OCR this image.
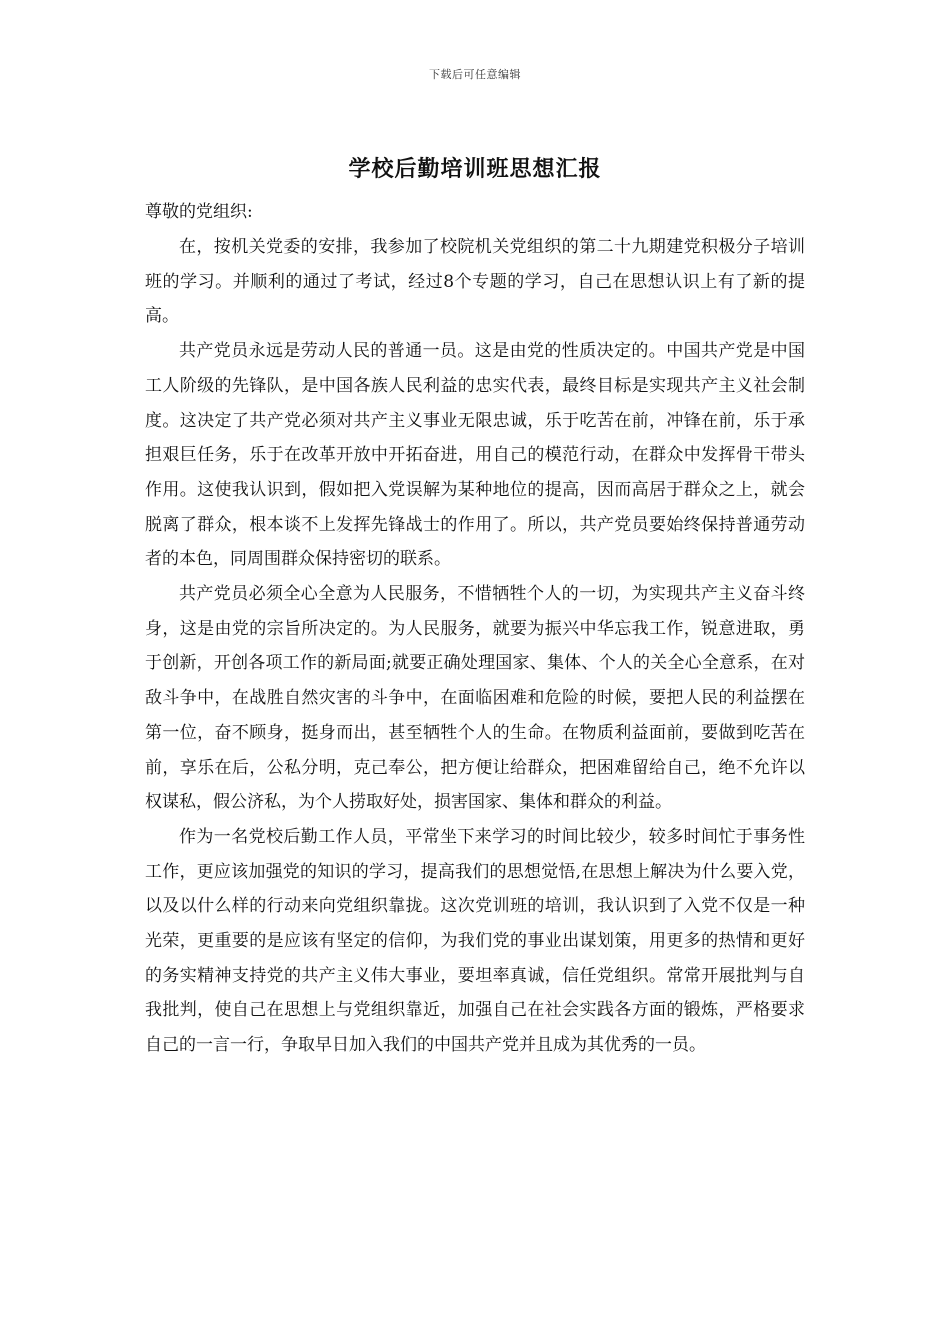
下载后可任意编辑
学校后勤培训班思想汇报

尊敬的党组织:

在，按机关党委的安排，我参加了校院机关党组织的第二十九期建党积极分子培训班的学习。并顺利的通过了考试，经过8个专题的学习，自己在思想认识上有了新的提高。

共产党员永远是劳动人民的普通一员。这是由党的性质决定的。中国共产党是中国工人阶级的先锋队，是中国各族人民利益的忠实代表，最终目标是实现共产主义社会制度。这决定了共产党必须对共产主义事业无限忠诚，乐于吃苦在前，冲锋在前，乐于承担艰巨任务，乐于在改革开放中开拓奋进，用自己的模范行动，在群众中发挥骨干带头作用。这使我认识到，假如把入党误解为某种地位的提高，因而高居于群众之上，就会脱离了群众，根本谈不上发挥先锋战士的作用了。所以，共产党员要始终保持普通劳动者的本色，同周围群众保持密切的联系。

共产党员必须全心全意为人民服务，不惜牺牲个人的一切，为实现共产主义奋斗终身，这是由党的宗旨所决定的。为人民服务，就要为振兴中华忘我工作，锐意进取，勇于创新，开创各项工作的新局面;就要正确处理国家、集体、个人的关全心全意系，在对敌斗争中，在战胜自然灾害的斗争中，在面临困难和危险的时候，要把人民的利益摆在第一位，奋不顾身，挺身而出，甚至牺牲个人的生命。在物质利益面前，要做到吃苦在前，享乐在后，公私分明，克己奉公，把方便让给群众，把困难留给自己，绝不允许以权谋私，假公济私，为个人捞取好处，损害国家、集体和群众的利益。

作为一名党校后勤工作人员，平常坐下来学习的时间比较少，较多时间忙于事务性工作，更应该加强党的知识的学习，提高我们的思想觉悟,在思想上解决为什么要入党，以及以什么样的行动来向党组织靠拢。这次党训班的培训，我认识到了入党不仅是一种光荣，更重要的是应该有坚定的信仰，为我们党的事业出谋划策，用更多的热情和更好的务实精神支持党的共产主义伟大事业，要坦率真诚，信任党组织。常常开展批判与自我批判，使自己在思想上与党组织靠近，加强自己在社会实践各方面的锻炼，严格要求自己的一言一行，争取早日加入我们的中国共产党并且成为其优秀的一员。
